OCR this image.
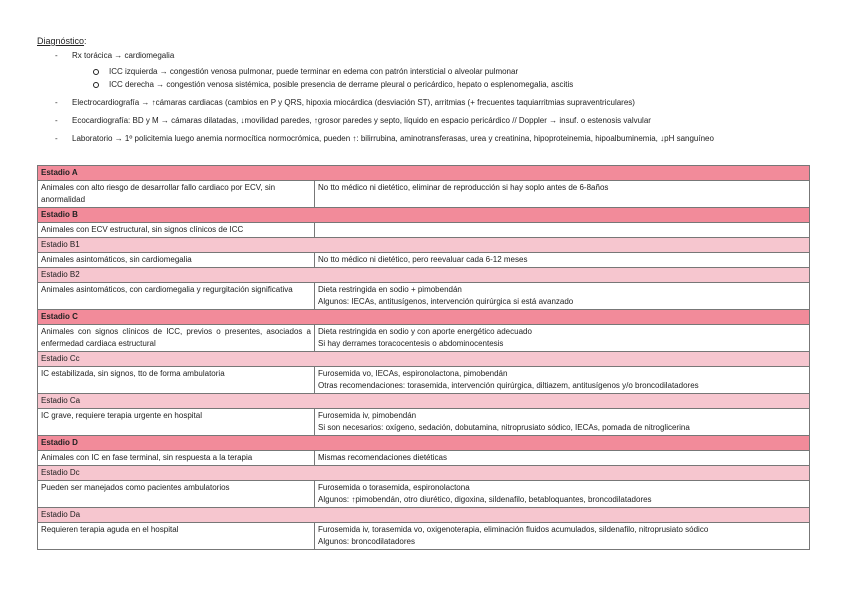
Diagnóstico:
- Rx torácica → cardiomegalia
ICC izquierda → congestión venosa pulmonar, puede terminar en edema con patrón intersticial o alveolar pulmonar
ICC derecha → congestión venosa sistémica, posible presencia de derrame pleural o pericárdico, hepato o esplenomegalia, ascitis
- Electrocardiografía → ↑cámaras cardiacas (cambios en P y QRS, hipoxia miocárdica (desviación ST), arritmias (+ frecuentes taquiarritmias supraventriculares)
- Ecocardiografía: BD y M → cámaras dilatadas, ↓movilidad paredes, ↑grosor paredes y septo, líquido en espacio pericárdico // Doppler → insuf. o estenosis valvular
- Laboratorio → 1º policitemia luego anemia normocítica normocrómica, pueden ↑: bilirrubina, aminotransferasas, urea y creatinina, hipoproteinemia, hipoalbuminemia, ↓pH sanguíneo
Estadio A	
Animales con alto riesgo de desarrollar fallo cardiaco por ECV, sin anormalidad	No tto médico ni dietético, eliminar de reproducción si hay soplo antes de 6-8años
Estadio B	
Animales con ECV estructural, sin signos clínicos de ICC	
Estadio B1	
Animales asintomáticos, sin cardiomegalia	No tto médico ni dietético, pero reevaluar cada 6-12 meses
Estadio B2	
Animales asintomáticos, con cardiomegalia y regurgitación significativa	Dieta restringida en sodio + pimobendán
Algunos: IECAs, antitusígenos, intervención quirúrgica si está avanzado

Estadio C	
Animales con signos clínicos de ICC, previos o presentes, asociados a enfermedad cardiaca estructural	Dieta restringida en sodio y con aporte energético adecuado
Si hay derrames toracocentesis o abdominocentesis

Estadio Cc	
IC estabilizada, sin signos, tto de forma ambulatoria	Furosemida vo, IECAs, espironolactona, pimobendán
Otras recomendaciones: torasemida, intervención quirúrgica, diltiazem, antitusígenos y/o broncodilatadores

Estadio Ca	
IC grave, requiere terapia urgente en hospital	Furosemida iv, pimobendán
Si son necesarios: oxígeno, sedación, dobutamina, nitroprusiato sódico, IECAs, pomada de nitroglicerina

Estadio D	
Animales con IC en fase terminal, sin respuesta a la terapia	Mismas recomendaciones dietéticas
Estadio Dc	
Pueden ser manejados como pacientes ambulatorios	Furosemida o torasemida, espironolactona
Algunos: ↑pimobendán, otro diurético, digoxina, sildenafilo, betabloquantes, broncodilatadores

Estadio Da	
Requieren terapia aguda en el hospital	Furosemida iv, torasemida vo, oxigenoterapia, eliminación fluidos acumulados, sildenafilo, nitroprusiato sódico
Algunos: broncodilatadores
